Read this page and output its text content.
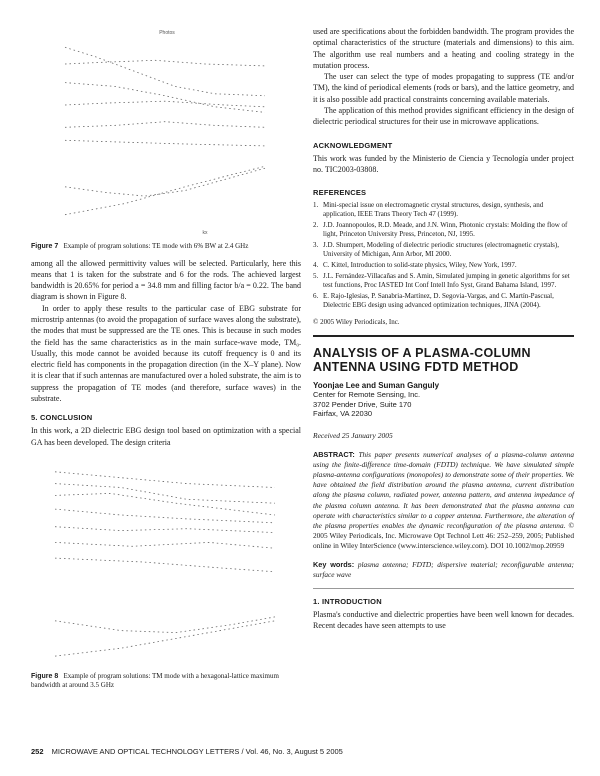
Photos
kx
Figure 7 Example of program solutions: TE mode with 6% BW at 2.4 GHz

among all the allowed permittivity values will be selected. Particularly, here this means that 1 is taken for the substrate and 6 for the rods. The achieved largest bandwidth is 20.65% for period a = 34.8 mm and filling factor b/a = 0.22. The band diagram is shown in Figure 8.

In order to apply these results to the particular case of EBG substrate for microstrip antennas (to avoid the propagation of surface waves along the substrate), the modes that must be suppressed are the TE ones. This is because in such modes the field has the same characteristics as in the main surface-wave mode, TM₀. Usually, this mode cannot be avoided because its cutoff frequency is 0 and its electric field has components in the propagation direction (in the X–Y plane). Now it is clear that if such antennas are manufactured over a holed substrate, the aim is to suppress the propagation of TE modes (and therefore, surface waves) in the substrate.

5. CONCLUSION

In this work, a 2D dielectric EBG design tool based on optimization with a special GA has been developed. The design criteria

Figure 8 Example of program solutions: TM mode with a hexagonal-lattice maximum bandwidth at around 3.5 GHz

used are specifications about the forbidden bandwidth. The program provides the optimal characteristics of the structure (materials and dimensions) to this aim. The algorithm use real numbers and a heating and cooling strategy in the mutation process.

The user can select the type of modes propagating to suppress (TE and/or TM), the kind of periodical elements (rods or bars), and the lattice geometry, and it is also possible add practical constraints concerning available materials.

The application of this method provides significant efficiency in the design of dielectric periodical structures for their use in microwave applications.

ACKNOWLEDGMENT

This work was funded by the Ministerio de Ciencia y Tecnología under project no. TIC2003-03808.

REFERENCES
1. Mini-special issue on electromagnetic crystal structures, design, synthesis, and application, IEEE Trans Theory Tech 47 (1999).
2. J.D. Joannopoulos, R.D. Meade, and J.N. Winn, Photonic crystals: Molding the flow of light, Princeton University Press, Princeton, NJ, 1995.
3. J.D. Shumpert, Modeling of dielectric periodic structures (electromagnetic crystals), University of Michigan, Ann Arbor, MI 2000.
4. C. Kittel, Introduction to solid-state physics, Wiley, New York, 1997.
5. J.L. Fernández-Villacañas and S. Amin, Simulated jumping in genetic algorithms for set test functions, Proc IASTED Int Conf Intell Info Syst, Grand Bahama Island, 1997.
6. E. Rajo-Iglesias, P. Sanabria-Martínez, D. Segovia-Vargas, and C. Martín-Pascual, Dielectric EBG design using advanced optimization techniques, JINA (2004).
© 2005 Wiley Periodicals, Inc.
ANALYSIS OF A PLASMA-COLUMN ANTENNA USING FDTD METHOD
Yoonjae Lee and Suman Ganguly
Center for Remote Sensing, Inc.
3702 Pender Drive, Suite 170
Fairfax, VA 22030
Received 25 January 2005

ABSTRACT: This paper presents numerical analyses of a plasma-column antenna using the finite-difference time-domain (FDTD) technique. We have simulated simple plasma-antenna configurations (monopoles) to demonstrate some of their properties. We have obtained the field distribution around the plasma antenna, current distribution along the plasma column, radiated power, antenna pattern, and antenna impedance of the plasma column antenna. It has been demonstrated that the plasma antenna can operate with characteristics similar to a copper antenna. Furthermore, the alteration of the plasma properties enables the dynamic reconfiguration of the plasma antenna. © 2005 Wiley Periodicals, Inc. Microwave Opt Technol Lett 46: 252–259, 2005; Published online in Wiley InterScience (www.interscience.wiley.com). DOI 10.1002/mop.20959

Key words: plasma antenna; FDTD; dispersive material; reconfigurable antenna; surface wave

1. INTRODUCTION

Plasma's conductive and dielectric properties have been well known for decades. Recent decades have seen attempts to use

252 MICROWAVE AND OPTICAL TECHNOLOGY LETTERS / Vol. 46, No. 3, August 5 2005
